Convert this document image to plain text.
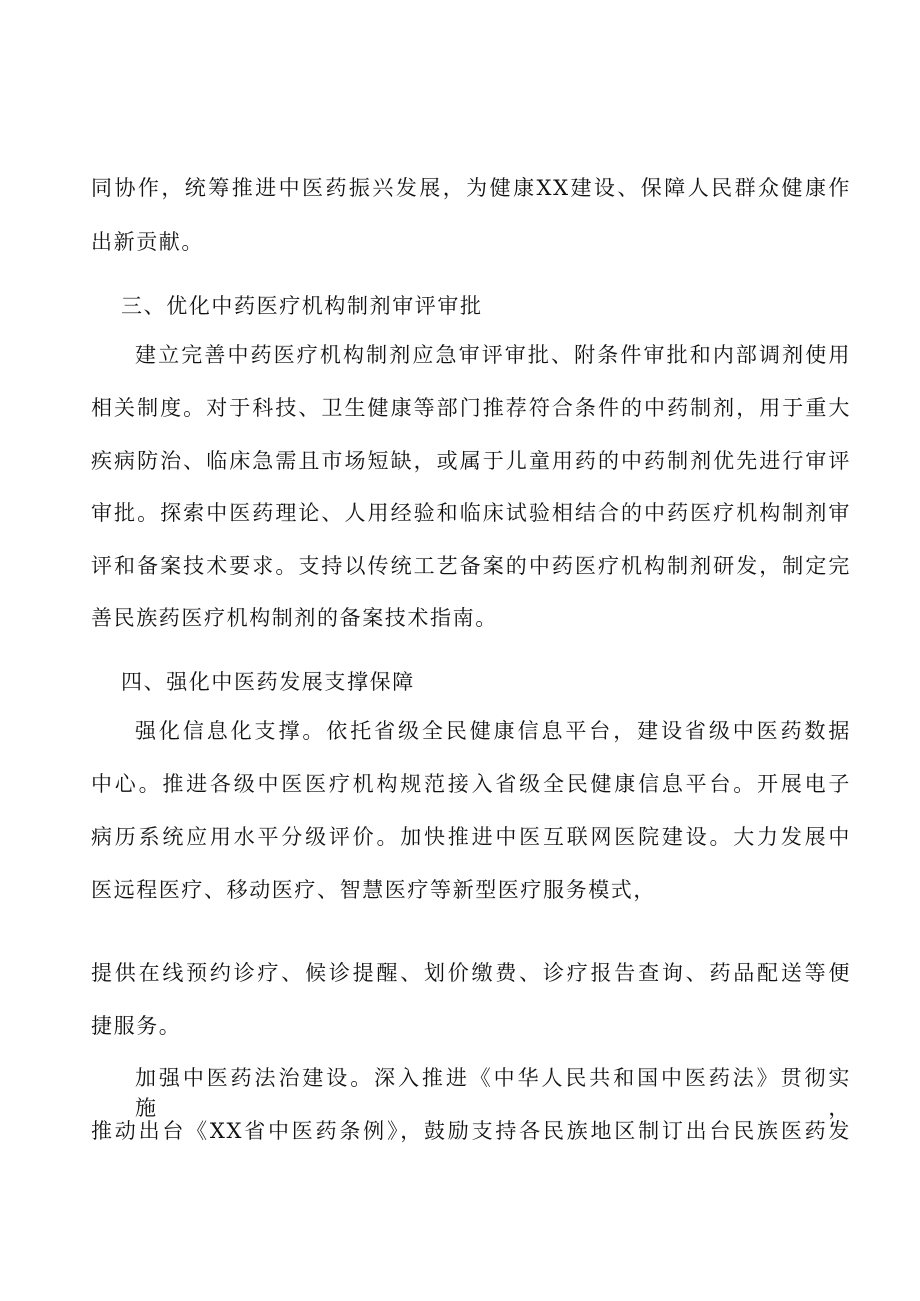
同协作，统筹推进中医药振兴发展，为健康XX建设、保障人民群众健康作
出新贡献。
三、优化中药医疗机构制剂审评审批
建立完善中药医疗机构制剂应急审评审批、附条件审批和内部调剂使用
相关制度。对于科技、卫生健康等部门推荐符合条件的中药制剂，用于重大
疾病防治、临床急需且市场短缺，或属于儿童用药的中药制剂优先进行审评
审批。探索中医药理论、人用经验和临床试验相结合的中药医疗机构制剂审
评和备案技术要求。支持以传统工艺备案的中药医疗机构制剂研发，制定完
善民族药医疗机构制剂的备案技术指南。
四、强化中医药发展支撑保障
强化信息化支撑。依托省级全民健康信息平台，建设省级中医药数据
中心。推进各级中医医疗机构规范接入省级全民健康信息平台。开展电子
病历系统应用水平分级评价。加快推进中医互联网医院建设。大力发展中
医远程医疗、移动医疗、智慧医疗等新型医疗服务模式，
提供在线预约诊疗、候诊提醒、划价缴费、诊疗报告查询、药品配送等便
捷服务。
加强中医药法治建设。深入推进《中华人民共和国中医药法》贯彻实施，
推动出台《XX省中医药条例》，鼓励支持各民族地区制订出台民族医药发
